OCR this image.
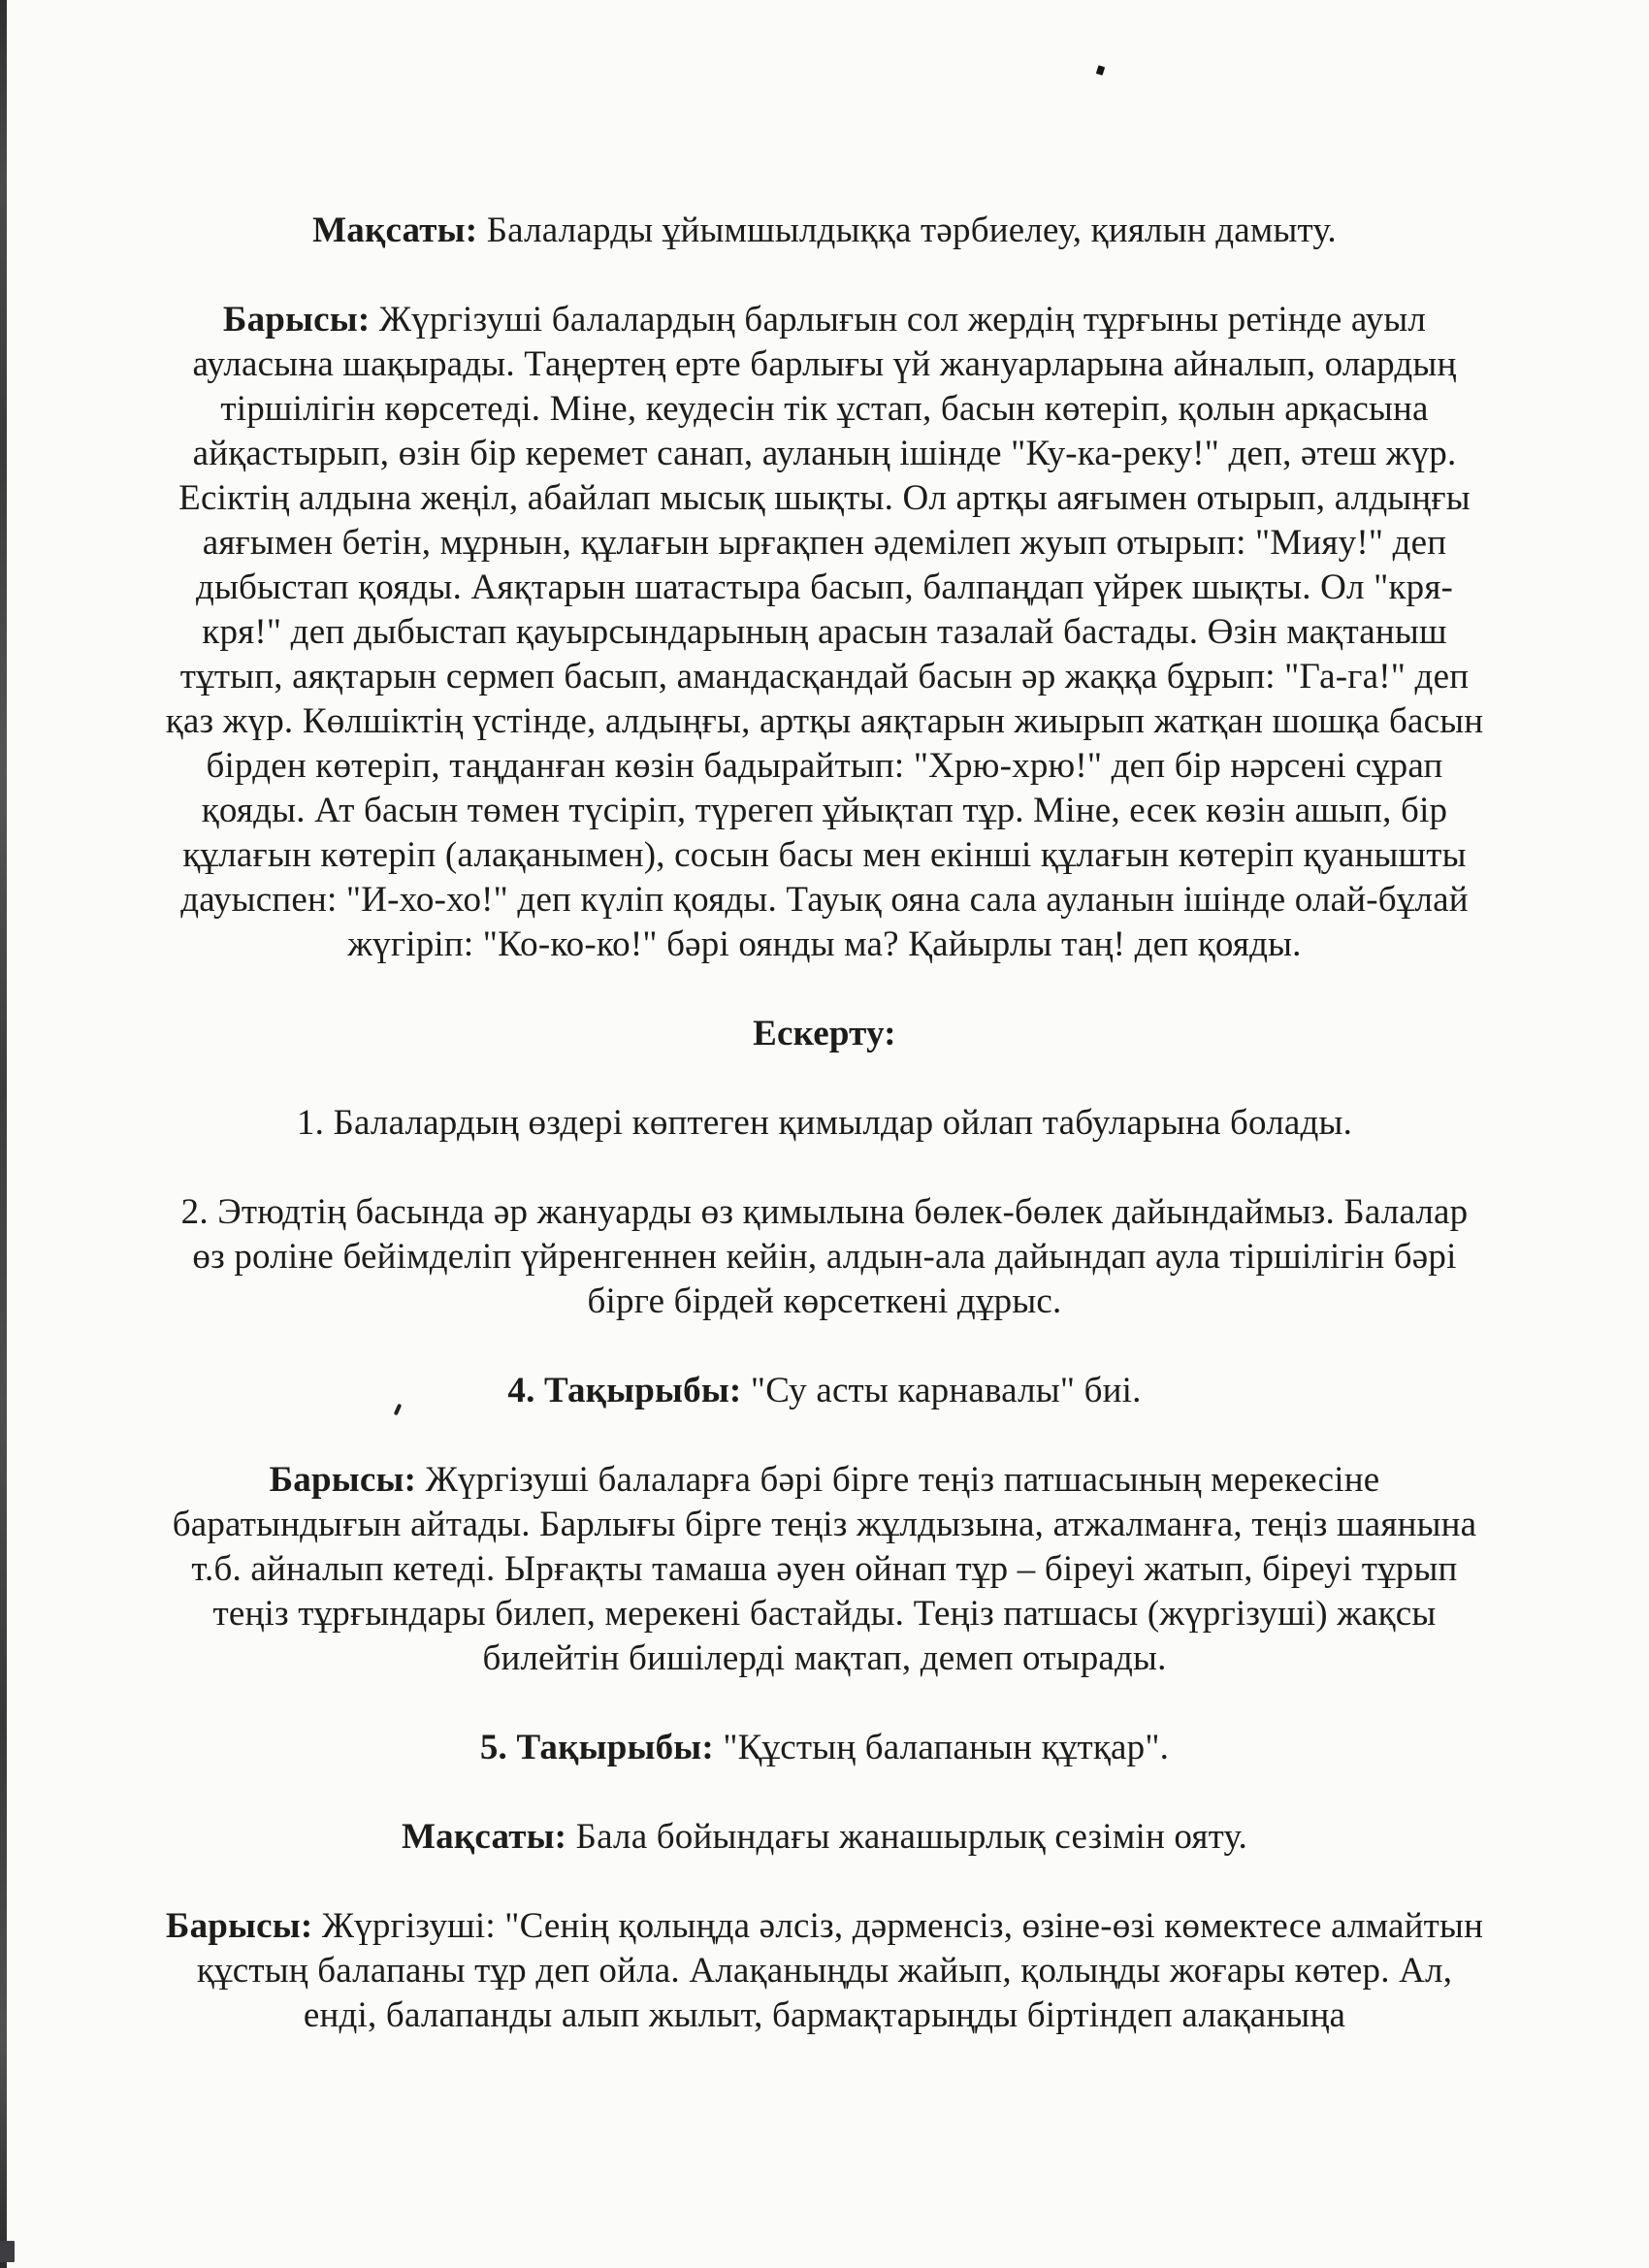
Мақсаты: Балаларды ұйымшылдыққа тәрбиелеу, қиялын дамыту.

Барысы: Жүргізуші балалардың барлығын сол жердің тұрғыны ретінде ауыл ауласына шақырады. Таңертең ерте барлығы үй жануарларына айналып, олардың тіршілігін көрсетеді. Міне, кеудесін тік ұстап, басын көтеріп, қолын арқасына айқастырып, өзін бір керемет санап, ауланың ішінде "Ку-ка-реку!" деп, әтеш жүр. Есіктің алдына жеңіл, абайлап мысық шықты. Ол артқы аяғымен отырып, алдыңғы аяғымен бетін, мұрнын, құлағын ырғақпен әдемілеп жуып отырып: "Мияу!" деп дыбыстап қояды. Аяқтарын шатастыра басып, балпаңдап үйрек шықты. Ол "кря-кря!" деп дыбыстап қауырсындарының арасын тазалай бастады. Өзін мақтаныш тұтып, аяқтарын сермеп басып, амандасқандай басын әр жаққа бұрып: "Га-га!" деп қаз жүр. Көлшіктің үстінде, алдыңғы, артқы аяқтарын жиырып жатқан шошқа басын бірден көтеріп, таңданған көзін бадырайтып: "Хрю-хрю!" деп бір нәрсені сұрап қояды. Ат басын төмен түсіріп, түрегеп ұйықтап тұр. Міне, есек көзін ашып, бір құлағын көтеріп (алақанымен), сосын басы мен екінші құлағын көтеріп қуанышты дауыспен: "И-хо-хо!" деп күліп қояды. Тауық ояна сала ауланын ішінде олай-бұлай жүгіріп: "Ко-ко-ко!" бәрі оянды ма? Қайырлы таң! деп қояды.

Ескерту:

1. Балалардың өздері көптеген қимылдар ойлап табуларына болады.

2. Этюдтің басында әр жануарды өз қимылына бөлек-бөлек дайындаймыз. Балалар өз роліне бейімделіп үйренгеннен кейін, алдын-ала дайындап аула тіршілігін бәрі бірге бірдей көрсеткені дұрыс.

4. Тақырыбы: "Су асты карнавалы" биі.

Барысы: Жүргізуші балаларға бәрі бірге теңіз патшасының мерекесіне баратындығын айтады. Барлығы бірге теңіз жұлдызына, атжалманға, теңіз шаянына т.б. айналып кетеді. Ырғақты тамаша әуен ойнап тұр – біреуі жатып, біреуі тұрып теңіз тұрғындары билеп, мерекені бастайды. Теңіз патшасы (жүргізуші) жақсы билейтін бишілерді мақтап, демеп отырады.

5. Тақырыбы: "Құстың балапанын құтқар".

Мақсаты: Бала бойындағы жанашырлық сезімін ояту.

Барысы: Жүргізуші: "Сенің қолыңда әлсіз, дәрменсіз, өзіне-өзі көмектесе алмайтын құстың балапаны тұр деп ойла. Алақаныңды жайып, қолыңды жоғары көтер. Ал, енді, балапанды алып жылыт, бармақтарыңды біртіндеп алақаныңа
